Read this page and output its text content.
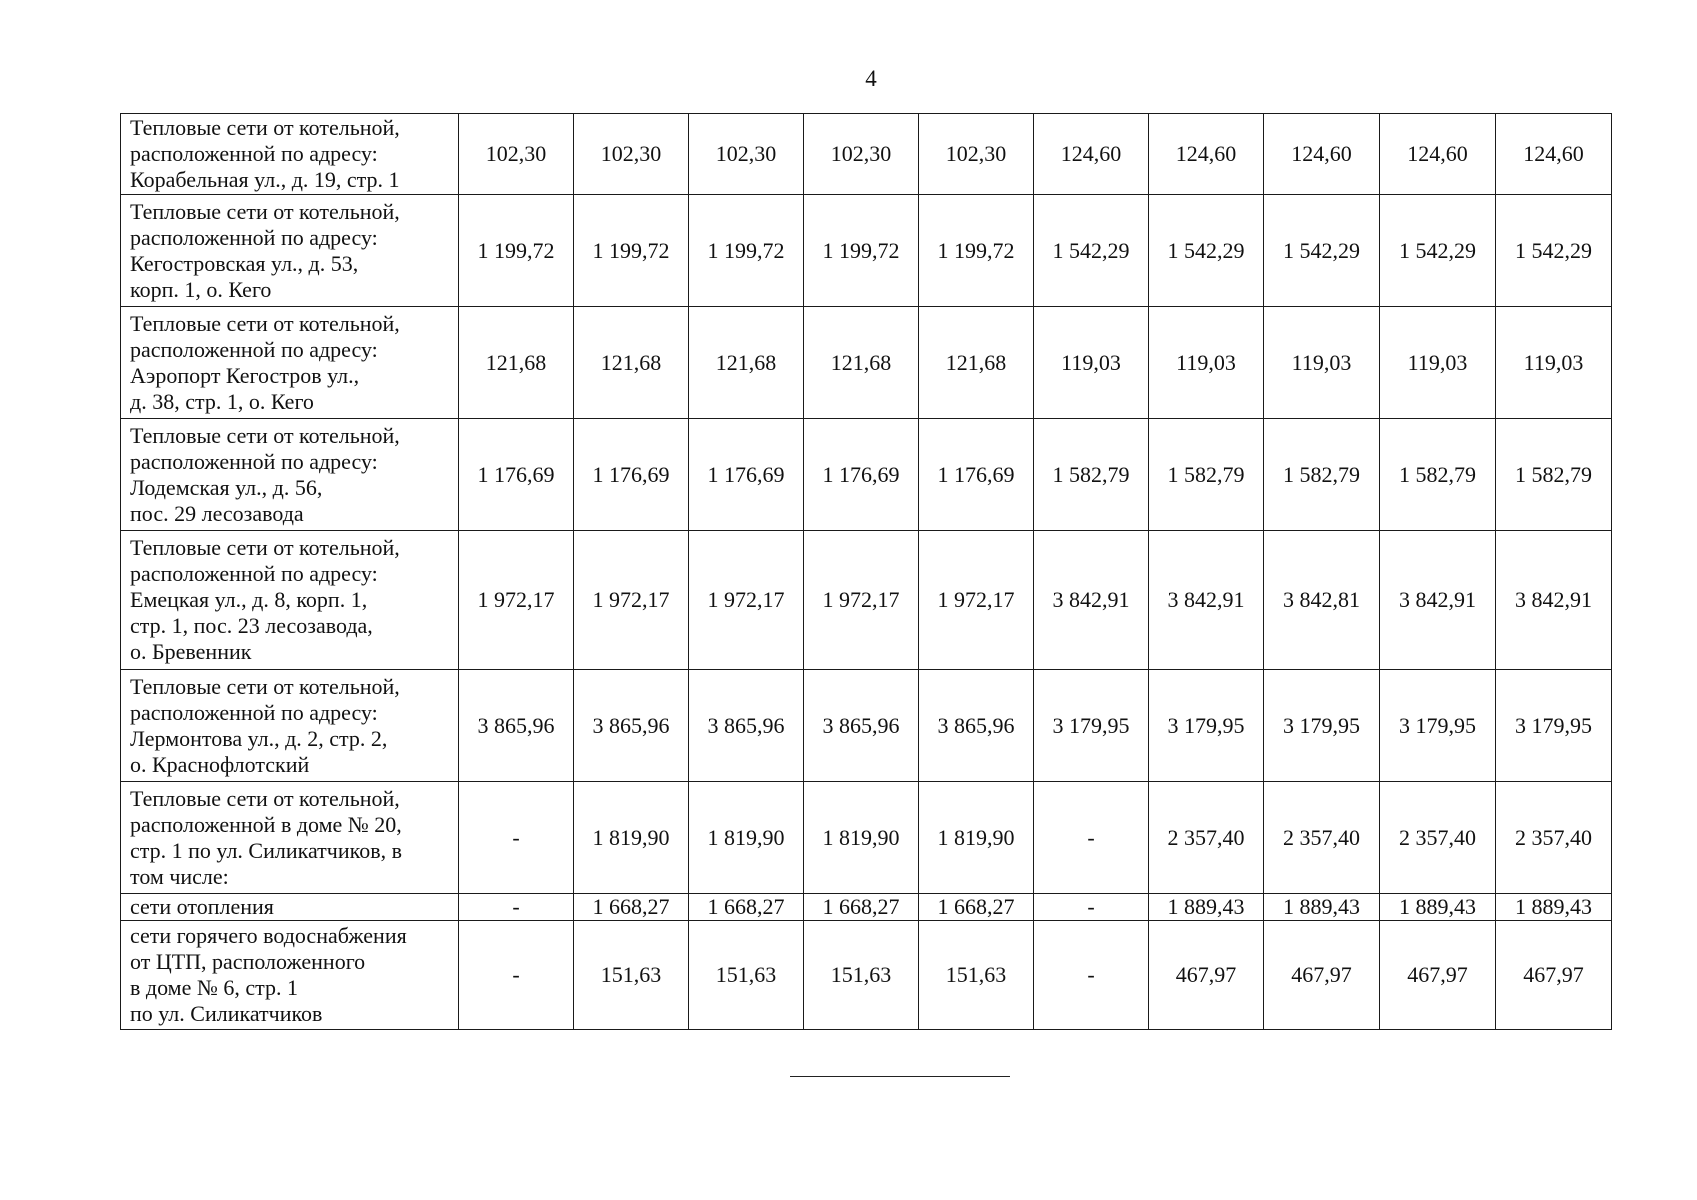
4
Тепловые сети от котельной,
расположенной по адресу:
Корабельная ул., д. 19, стр. 1	102,30	102,30	102,30	102,30	102,30	124,60	124,60	124,60	124,60	124,60
Тепловые сети от котельной,
расположенной по адресу:
Кегостровская ул., д. 53,
корп. 1, о. Кего	1 199,72	1 199,72	1 199,72	1 199,72	1 199,72	1 542,29	1 542,29	1 542,29	1 542,29	1 542,29
Тепловые сети от котельной,
расположенной по адресу:
Аэропорт Кегостров ул.,
д. 38, стр. 1, о. Кего	121,68	121,68	121,68	121,68	121,68	119,03	119,03	119,03	119,03	119,03
Тепловые сети от котельной,
расположенной по адресу:
Лодемская ул., д. 56,
пос. 29 лесозавода	1 176,69	1 176,69	1 176,69	1 176,69	1 176,69	1 582,79	1 582,79	1 582,79	1 582,79	1 582,79
Тепловые сети от котельной,
расположенной по адресу:
Емецкая ул., д. 8, корп. 1,
стр. 1, пос. 23 лесозавода,
о. Бревенник	1 972,17	1 972,17	1 972,17	1 972,17	1 972,17	3 842,91	3 842,91	3 842,81	3 842,91	3 842,91
Тепловые сети от котельной,
расположенной по адресу:
Лермонтова ул., д. 2, стр. 2,
о. Краснофлотский	3 865,96	3 865,96	3 865,96	3 865,96	3 865,96	3 179,95	3 179,95	3 179,95	3 179,95	3 179,95
Тепловые сети от котельной,
расположенной в доме № 20,
стр. 1 по ул. Силикатчиков, в
том числе:	-	1 819,90	1 819,90	1 819,90	1 819,90	-	2 357,40	2 357,40	2 357,40	2 357,40
сети отопления	-	1 668,27	1 668,27	1 668,27	1 668,27	-	1 889,43	1 889,43	1 889,43	1 889,43
сети горячего водоснабжения
от ЦТП, расположенного
в доме № 6, стр. 1
по ул. Силикатчиков	-	151,63	151,63	151,63	151,63	-	467,97	467,97	467,97	467,97
